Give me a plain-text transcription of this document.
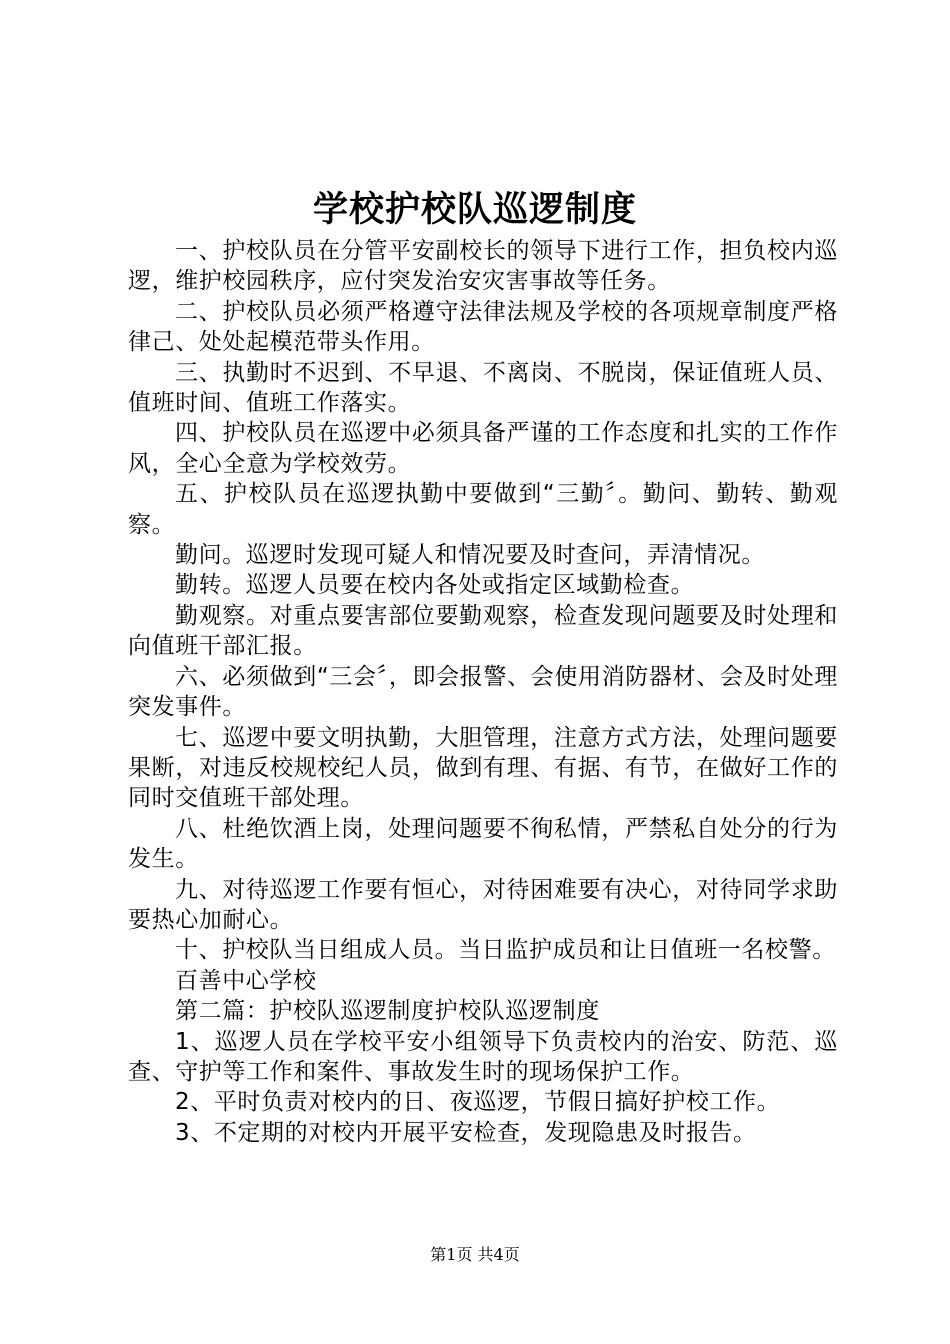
学校护校队巡逻制度

一、护校队员在分管平安副校长的领导下进行工作，担负校内巡逻，维护校园秩序，应付突发治安灾害事故等任务。

二、护校队员必须严格遵守法律法规及学校的各项规章制度严格律己、处处起模范带头作用。

三、执勤时不迟到、不早退、不离岗、不脱岗，保证值班人员、值班时间、值班工作落实。

四、护校队员在巡逻中必须具备严谨的工作态度和扎实的工作作风，全心全意为学校效劳。

五、护校队员在巡逻执勤中要做到“三勤〞。勤问、勤转、勤观察。

勤问。巡逻时发现可疑人和情况要及时查问，弄清情况。

勤转。巡逻人员要在校内各处或指定区域勤检查。

勤观察。对重点要害部位要勤观察，检查发现问题要及时处理和向值班干部汇报。

六、必须做到“三会〞，即会报警、会使用消防器材、会及时处理突发事件。

七、巡逻中要文明执勤，大胆管理，注意方式方法，处理问题要果断，对违反校规校纪人员，做到有理、有据、有节，在做好工作的同时交值班干部处理。

八、杜绝饮酒上岗，处理问题要不徇私情，严禁私自处分的行为发生。

九、对待巡逻工作要有恒心，对待困难要有决心，对待同学求助要热心加耐心。

十、护校队当日组成人员。当日监护成员和让日值班一名校警。

百善中心学校

第二篇：护校队巡逻制度护校队巡逻制度

1、巡逻人员在学校平安小组领导下负责校内的治安、防范、巡查、守护等工作和案件、事故发生时的现场保护工作。

2、平时负责对校内的日、夜巡逻，节假日搞好护校工作。

3、不定期的对校内开展平安检查，发现隐患及时报告。

第1页 共4页
